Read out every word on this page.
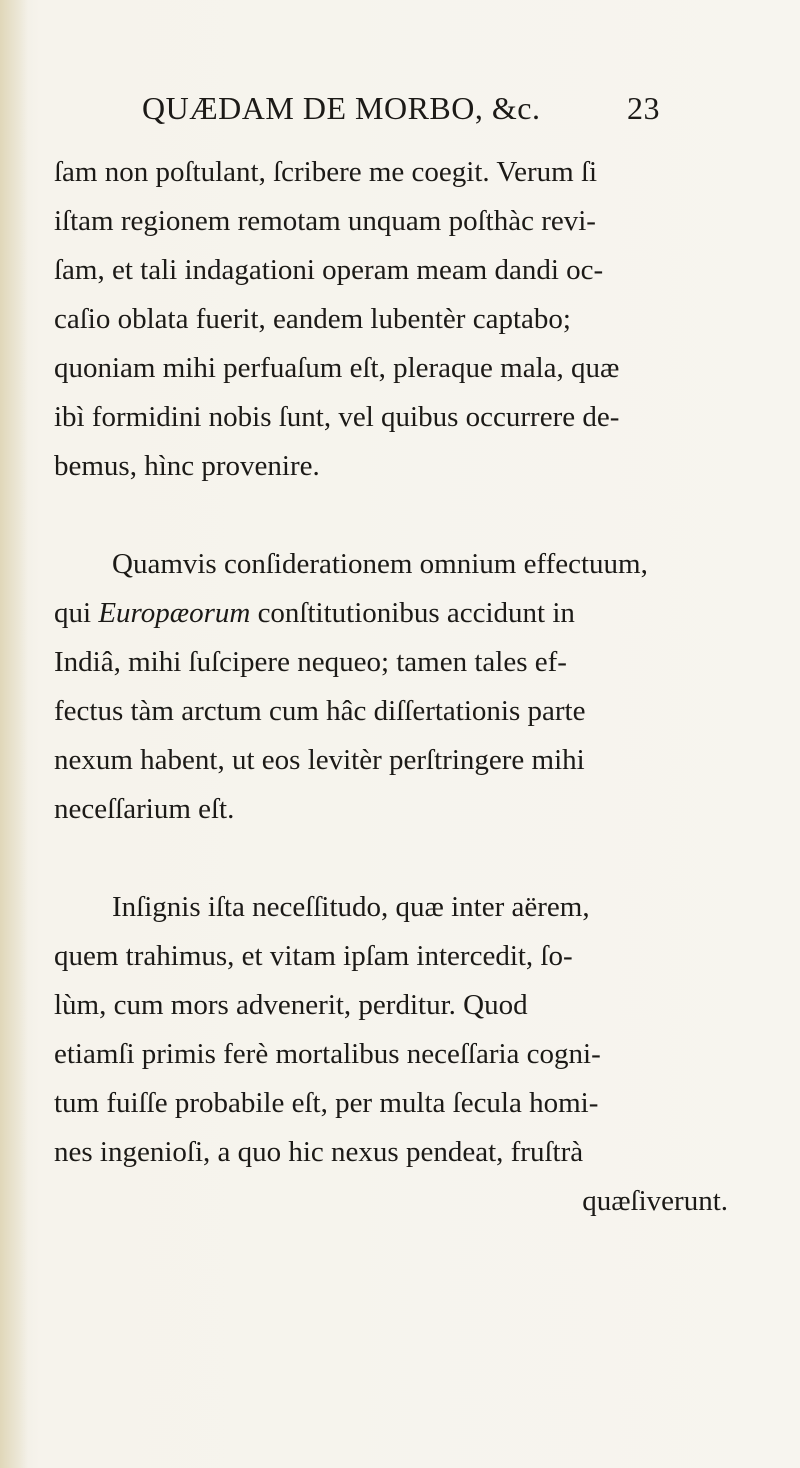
QUÆDAM DE MORBO, &c.	23
ſam non poſtulant, ſcribere me coegit. Verum ſi
iſtam regionem remotam unquam poſthàc revi-
ſam, et tali indagationi operam meam dandi oc-
caſio oblata fuerit, eandem lubentèr captabo;
quoniam mihi perfuaſum eſt, pleraque mala, quæ
ibì formidini nobis ſunt, vel quibus occurrere de-
bemus, hìnc provenire.
Quamvis conſiderationem omnium effectuum,
qui Europæorum conſtitutionibus accidunt in
Indiâ, mihi ſuſcipere nequeo; tamen tales ef-
fectus tàm arctum cum hâc diſſertationis parte
nexum habent, ut eos levitèr perſtringere mihi
neceſſarium eſt.
Inſignis iſta neceſſitudo, quæ inter aërem,
quem trahimus, et vitam ipſam intercedit, ſo-
lùm, cum mors advenerit, perditur. Quod
etiamſi primis ferè mortalibus neceſſaria cogni-
tum fuiſſe probabile eſt, per multa ſecula homi-
nes ingenioſi, a quo hic nexus pendeat, fruſtrà
quæſiverunt.
